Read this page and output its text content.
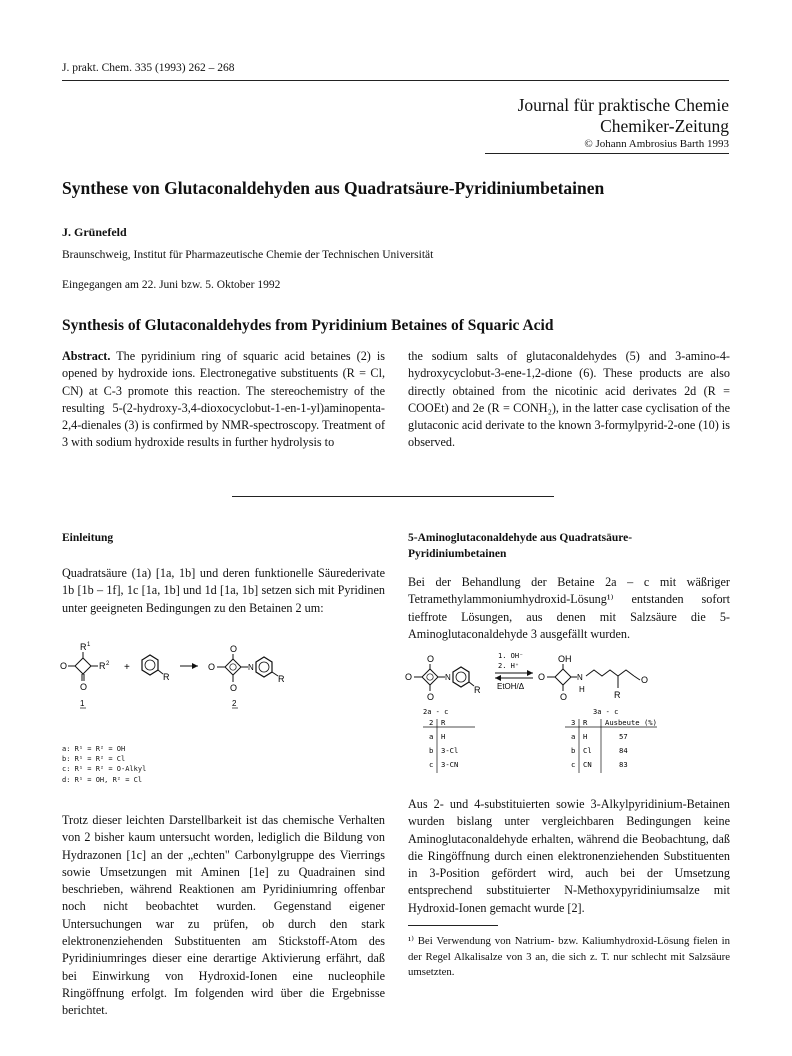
J. prakt. Chem. 335 (1993) 262 – 268
Journal für praktische Chemie
Chemiker-Zeitung
© Johann Ambrosius Barth 1993
Synthese von Glutaconaldehyden aus Quadratsäure-Pyridiniumbetainen
J. Grünefeld
Braunschweig, Institut für Pharmazeutische Chemie der Technischen Universität
Eingegangen am 22. Juni bzw. 5. Oktober 1992
Synthesis of Glutaconaldehydes from Pyridinium Betaines of Squaric Acid
Abstract. The pyridinium ring of squaric acid betaines (2) is opened by hydroxide ions. Electronegative substituents (R = Cl, CN) at C-3 promote this reaction. The stereochemistry of the resulting 5-(2-hydroxy-3,4-dioxocyclobut-1-en-1-yl)aminopenta-2,4-dienales (3) is confirmed by NMR-spectroscopy. Treatment of 3 with sodium hydroxide results in further hydrolysis to
the sodium salts of glutaconaldehydes (5) and 3-amino-4-hydroxycyclobut-3-ene-1,2-dione (6). These products are also directly obtained from the nicotinic acid derivates 2d (R = COOEt) and 2e (R = CONH₂), in the latter case cyclisation of the glutaconic acid derivate to the known 3-formylpyrid-2-one (10) is observed.
Einleitung
Quadratsäure (1a) [1a, 1b] und deren funktionelle Säurederivate 1b [1b – 1f], 1c [1a, 1b] und 1d [1a, 1b] setzen sich mit Pyridinen unter geeigneten Bedingungen zu den Betainen 2 um:
R 1
O	R 2
O
+
R
O
O	N
R
O
1	2
a: R¹ = R² = OH
b: R¹ = R² = Cl
c: R¹ = R² = O-Alkyl
d: R¹ = OH, R² = Cl
Trotz dieser leichten Darstellbarkeit ist das chemische Verhalten von 2 bisher kaum untersucht worden, lediglich die Bildung von Hydrazonen [1c] an der „echten" Carbonylgruppe des Vierrings sowie Umsetzungen mit Aminen [1e] zu Quadrainen sind beschrieben, während Reaktionen am Pyridiniumring offenbar noch nicht beobachtet wurden. Gegenstand eigener Untersuchungen war zu prüfen, ob durch den stark elektronenziehenden Substituenten am Stickstoff-Atom des Pyridiniumringes dieser eine derartige Aktivierung erfährt, daß bei Einwirkung von Hydroxid-Ionen eine nucleophile Ringöffnung erfolgt. Im folgenden wird über die Ergebnisse berichtet.
5-Aminoglutaconaldehyde aus Quadratsäure-Pyridiniumbetainen
Bei der Behandlung der Betaine 2a – c mit wäßriger Tetramethylammoniumhydroxid-Lösung¹⁾ entstanden sofort tieffrote Lösungen, aus denen mit Salzsäure die 5-Aminoglutaconaldehyde 3 ausgefällt wurden.
O
O
O
N
R
1. OH⁻
2. H⁺
EtOH/Δ
OH
O
O
N
H
O
R
2a - c	3a - c
2 R
a H
b 3-Cl
c 3-CN
3 R Ausbeute (%)
a H	57
b Cl	84
c CN	83
Aus 2- und 4-substituierten sowie 3-Alkylpyridinium-Betainen wurden bislang unter vergleichbaren Bedingungen keine Aminoglutaconaldehyde erhalten, während die Beobachtung, daß die Ringöffnung durch einen elektronenziehenden Substituenten in 3-Position gefördert wird, auch bei der Umsetzung entsprechend substituierter N-Methoxypyridiniumsalze mit Hydroxid-Ionen gemacht wurde [2].
¹⁾ Bei Verwendung von Natrium- bzw. Kaliumhydroxid-Lösung fielen in der Regel Alkalisalze von 3 an, die sich z. T. nur schlecht mit Salzsäure umsetzten.
